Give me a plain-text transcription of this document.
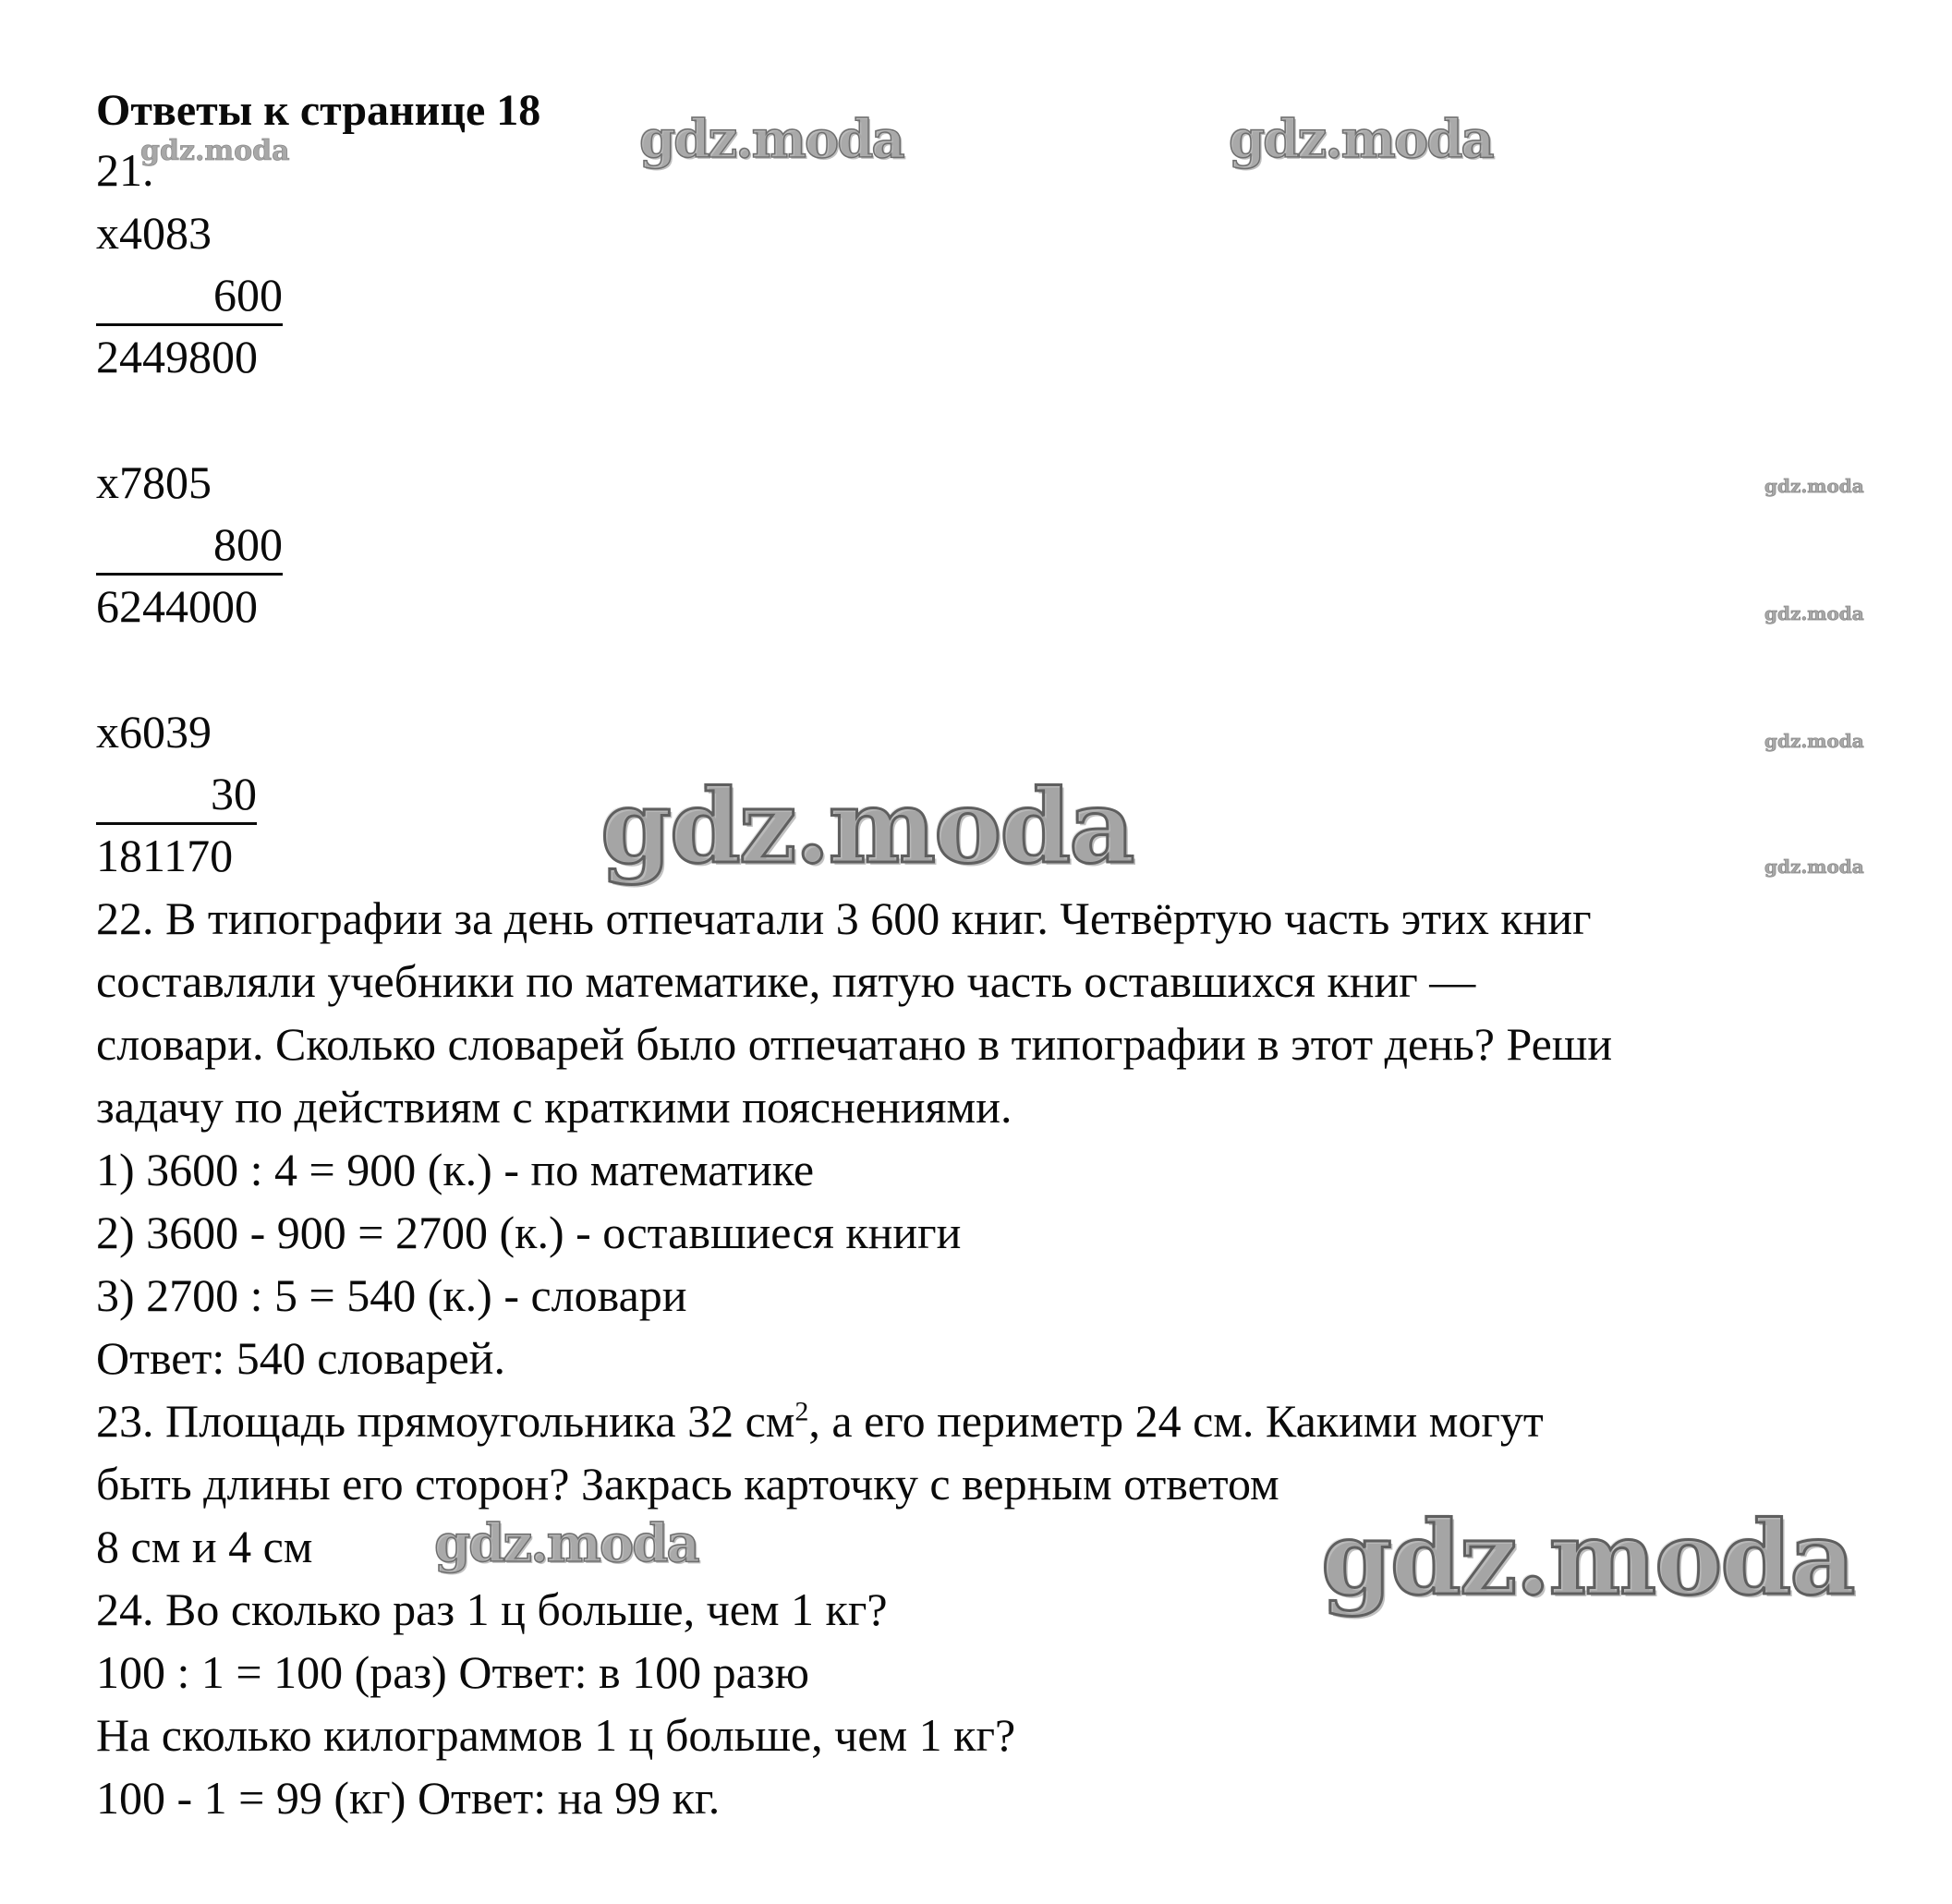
Ответы к странице 18
21.
x4083
600
2449800
x7805
800
6244000
x6039
30
181170
22. В типографии за день отпечатали 3 600 книг. Четвёртую часть этих книг
составляли учебники по математике, пятую часть оставшихся книг —
словари. Сколько словарей было отпечатано в типографии в этот день? Реши
задачу по действиям с краткими пояснениями.
1) 3600 : 4 = 900 (к.) - по математике
2) 3600 - 900 = 2700 (к.) - оставшиеся книги
3) 2700 : 5 = 540 (к.) - словари
Ответ: 540 словарей.
23. Площадь прямоугольника 32 $см^2$, а его периметр 24 см. Какими могут
быть длины его сторон? Закрась карточку с верным ответом
8 см и 4 см
24. Во сколько раз 1 ц больше, чем 1 кг?
100 : 1 = 100 (раз) Ответ: в 100 разю
На сколько килограммов 1 ц больше, чем 1 кг?
100 - 1 = 99 (кг) Ответ: на 99 кг.
gdz.moda	gdz.moda	gdz.moda
gdz.moda
gdz.moda
gdz.moda
gdz.moda
gdz.moda
gdz.moda	gdz.moda
